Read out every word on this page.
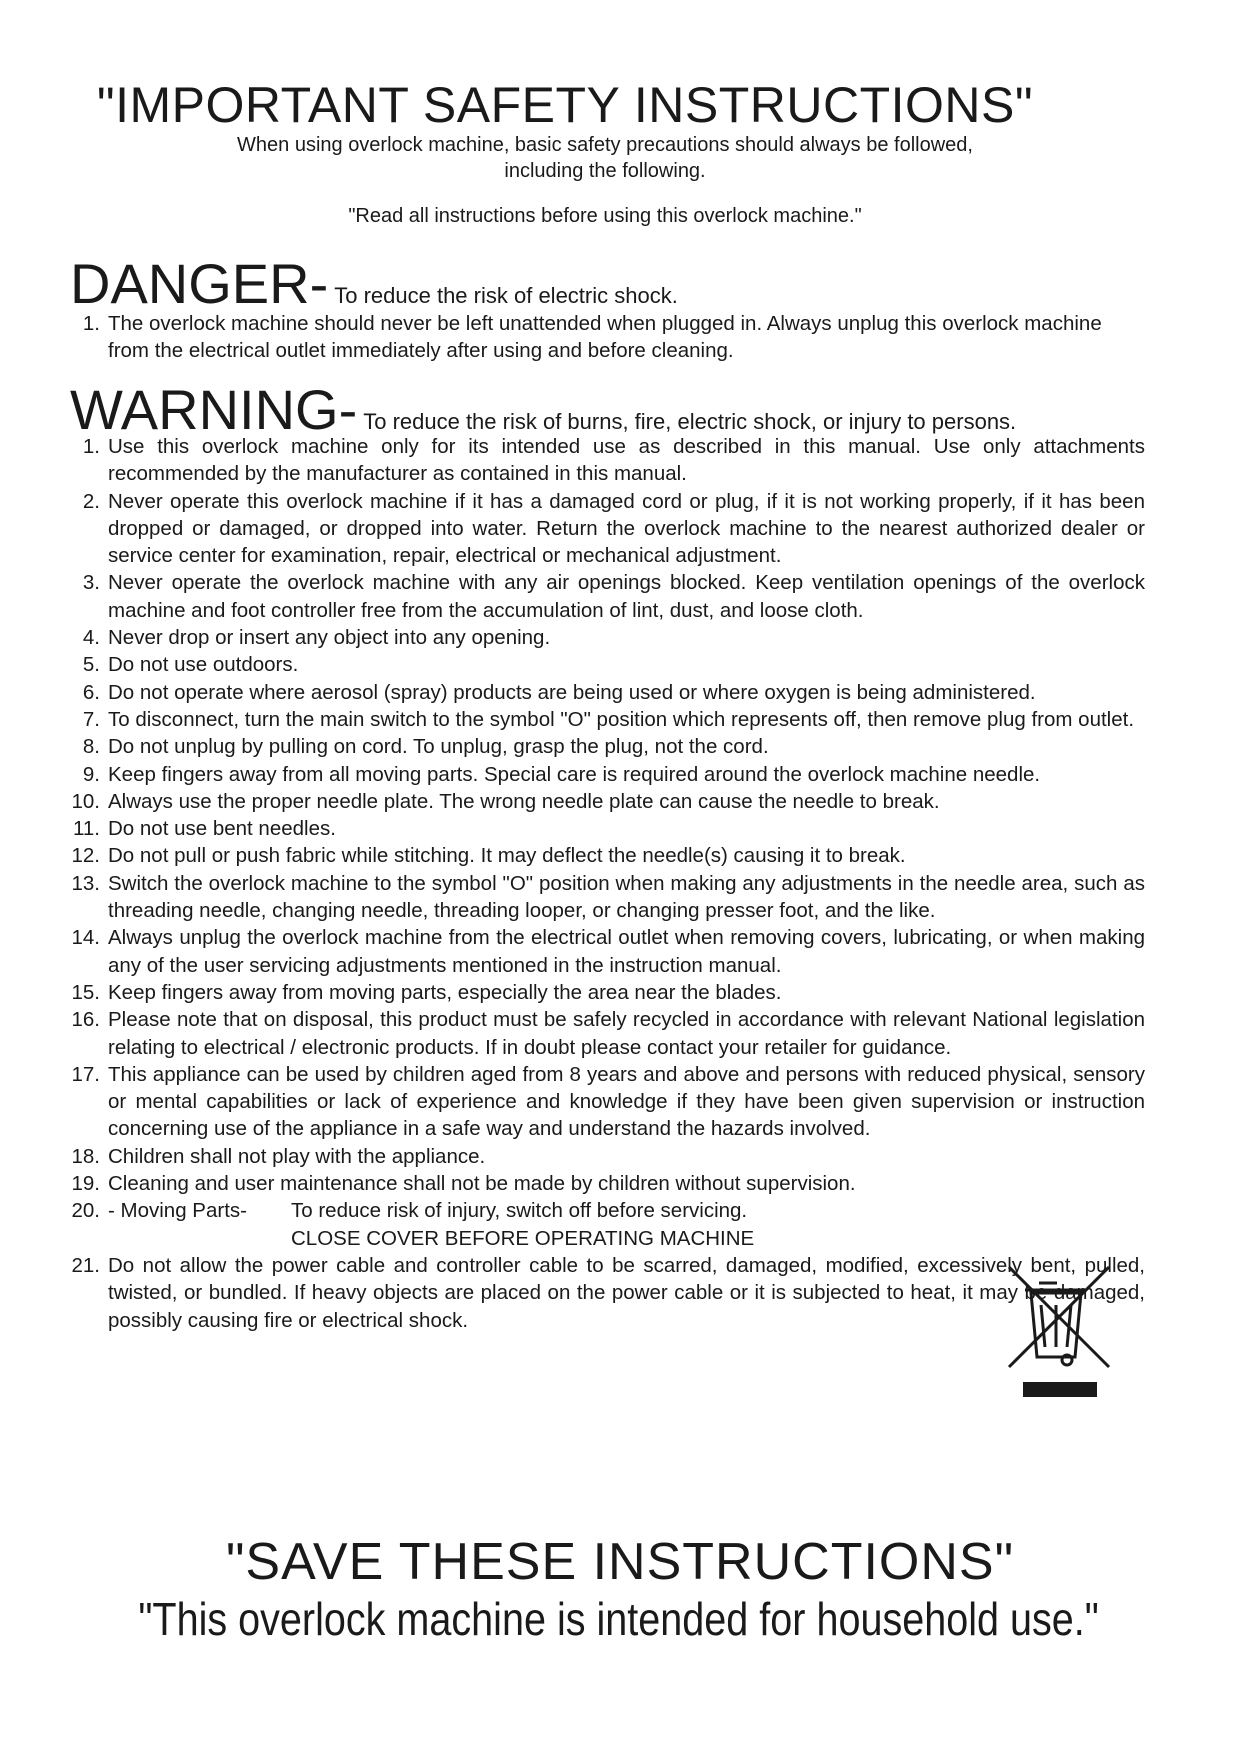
"IMPORTANT SAFETY INSTRUCTIONS"
When using overlock machine, basic safety precautions should always be followed,
including the following.
"Read all instructions before using this overlock machine."
DANGER- To reduce the risk of electric shock.
1. The overlock machine should never be left unattended when plugged in. Always unplug this overlock machine from the electrical outlet immediately after using and before cleaning.
WARNING- To reduce the risk of burns, fire, electric shock, or injury to persons.
1. Use this overlock machine only for its intended use as described in this manual. Use only attachments recommended by the manufacturer as contained in this manual.
2. Never operate this overlock machine if it has a damaged cord or plug, if it is not working properly, if it has been dropped or damaged, or dropped into water. Return the overlock machine to the nearest authorized dealer or service center for examination, repair, electrical or mechanical adjustment.
3. Never operate the overlock machine with any air openings blocked. Keep ventilation openings of the overlock machine and foot controller free from the accumulation of lint, dust, and loose cloth.
4. Never drop or insert any object into any opening.
5. Do not use outdoors.
6. Do not operate where aerosol (spray) products are being used or where oxygen is being administered.
7. To disconnect, turn the main switch to the symbol "O" position which represents off, then remove plug from outlet.
8. Do not unplug by pulling on cord. To unplug, grasp the plug, not the cord.
9. Keep fingers away from all moving parts. Special care is required around the overlock machine needle.
10. Always use the proper needle plate. The wrong needle plate can cause the needle to break.
11. Do not use bent needles.
12. Do not pull or push fabric while stitching. It may deflect the needle(s) causing it to break.
13. Switch the overlock machine to the symbol "O" position when making any adjustments in the needle area, such as threading needle, changing needle, threading looper, or changing presser foot, and the like.
14. Always unplug the overlock machine from the electrical outlet when removing covers, lubricating, or when making any of the user servicing adjustments mentioned in the instruction manual.
15. Keep fingers away from moving parts, especially the area near the blades.
16. Please note that on disposal, this product must be safely recycled in accordance with relevant National legislation relating to electrical / electronic products. If in doubt please contact your retailer for guidance.
17. This appliance can be used by children aged from 8 years and above and persons with reduced physical, sensory or mental capabilities or lack of experience and knowledge if they have been given supervision or instruction concerning use of the appliance in a safe way and understand the hazards involved.
18. Children shall not play with the appliance.
19. Cleaning and user maintenance shall not be made by children without supervision.
20. - Moving Parts- To reduce risk of injury, switch off before servicing.
CLOSE COVER BEFORE OPERATING MACHINE
21. Do not allow the power cable and controller cable to be scarred, damaged, modified, excessively bent, pulled, twisted, or bundled. If heavy objects are placed on the power cable or it is subjected to heat, it may be damaged, possibly causing fire or electrical shock.
"SAVE THESE INSTRUCTIONS"
"This overlock machine is intended for household use."
